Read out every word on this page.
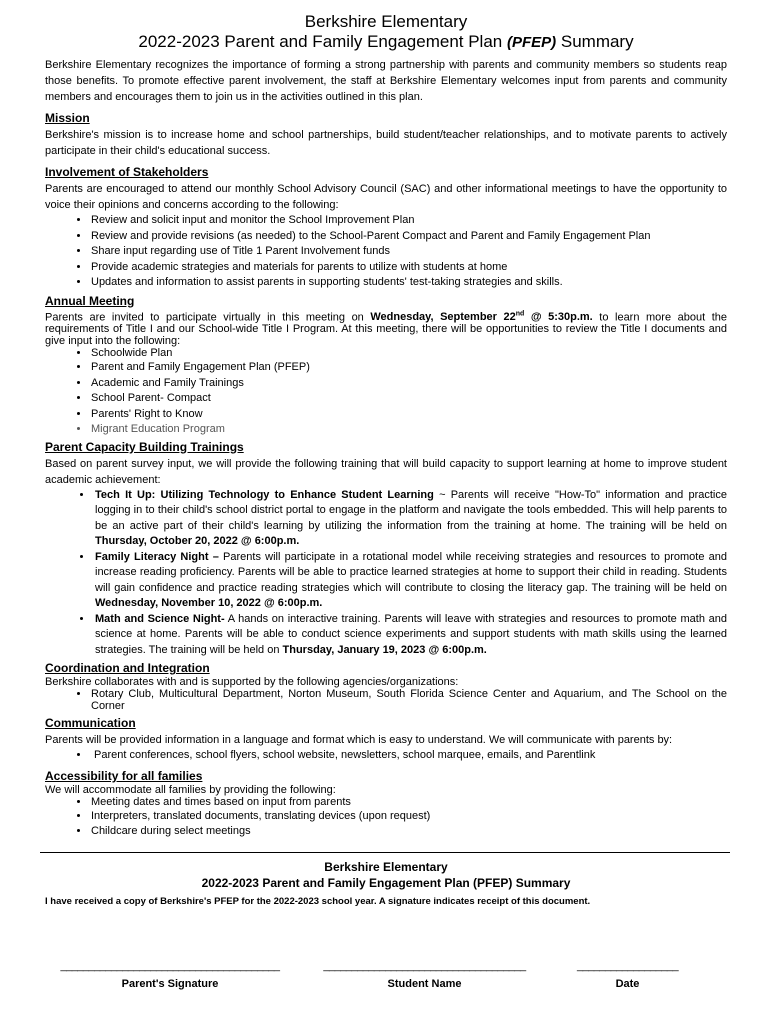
Berkshire Elementary
2022-2023 Parent and Family Engagement Plan (PFEP) Summary

Berkshire Elementary recognizes the importance of forming a strong partnership with parents and community members so students reap those benefits. To promote effective parent involvement, the staff at Berkshire Elementary welcomes input from parents and community members and encourages them to join us in the activities outlined in this plan.

Mission

Berkshire's mission is to increase home and school partnerships, build student/teacher relationships, and to motivate parents to actively participate in their child's educational success.

Involvement of Stakeholders

Parents are encouraged to attend our monthly School Advisory Council (SAC) and other informational meetings to have the opportunity to voice their opinions and concerns according to the following:

• Review and solicit input and monitor the School Improvement Plan
• Review and provide revisions (as needed) to the School-Parent Compact and Parent and Family Engagement Plan
• Share input regarding use of Title 1 Parent Involvement funds
• Provide academic strategies and materials for parents to utilize with students at home
• Updates and information to assist parents in supporting students' test-taking strategies and skills.
Annual Meeting

Parents are invited to participate virtually in this meeting on Wednesday, September 22nd @ 5:30p.m. to learn more about the requirements of Title I and our School-wide Title I Program. At this meeting, there will be opportunities to review the Title I documents and give input into the following:

• Schoolwide Plan
• Parent and Family Engagement Plan (PFEP)
• Academic and Family Trainings
• School Parent- Compact
• Parents' Right to Know
• Migrant Education Program
Parent Capacity Building Trainings

Based on parent survey input, we will provide the following training that will build capacity to support learning at home to improve student academic achievement:

• Tech It Up: Utilizing Technology to Enhance Student Learning ~ Parents will receive "How-To" information and practice logging in to their child's school district portal to engage in the platform and navigate the tools embedded. This will help parents to be an active part of their child's learning by utilizing the information from the training at home. The training will be held on Thursday, October 20, 2022 @ 6:00p.m.
• Family Literacy Night – Parents will participate in a rotational model while receiving strategies and resources to promote and increase reading proficiency. Parents will be able to practice learned strategies at home to support their child in reading. Students will gain confidence and practice reading strategies which will contribute to closing the literacy gap. The training will be held on Wednesday, November 10, 2022 @ 6:00p.m.
• Math and Science Night- A hands on interactive training. Parents will leave with strategies and resources to promote math and science at home. Parents will be able to conduct science experiments and support students with math skills using the learned strategies. The training will be held on Thursday, January 19, 2023 @ 6:00p.m.
Coordination and Integration

Berkshire collaborates with and is supported by the following agencies/organizations:

• Rotary Club, Multicultural Department, Norton Museum, South Florida Science Center and Aquarium, and The School on the Corner
Communication

Parents will be provided information in a language and format which is easy to understand. We will communicate with parents by:

• Parent conferences, school flyers, school website, newsletters, school marquee, emails, and Parentlink
Accessibility for all families

We will accommodate all families by providing the following:

• Meeting dates and times based on input from parents
• Interpreters, translated documents, translating devices (upon request)
• Childcare during select meetings
Berkshire Elementary
2022-2023 Parent and Family Engagement Plan (PFEP) Summary
I have received a copy of Berkshire's PFEP for the 2022-2023 school year. A signature indicates receipt of this document.
_______________________________________
Parent's Signature
____________________________________
Student Name
__________________
Date
